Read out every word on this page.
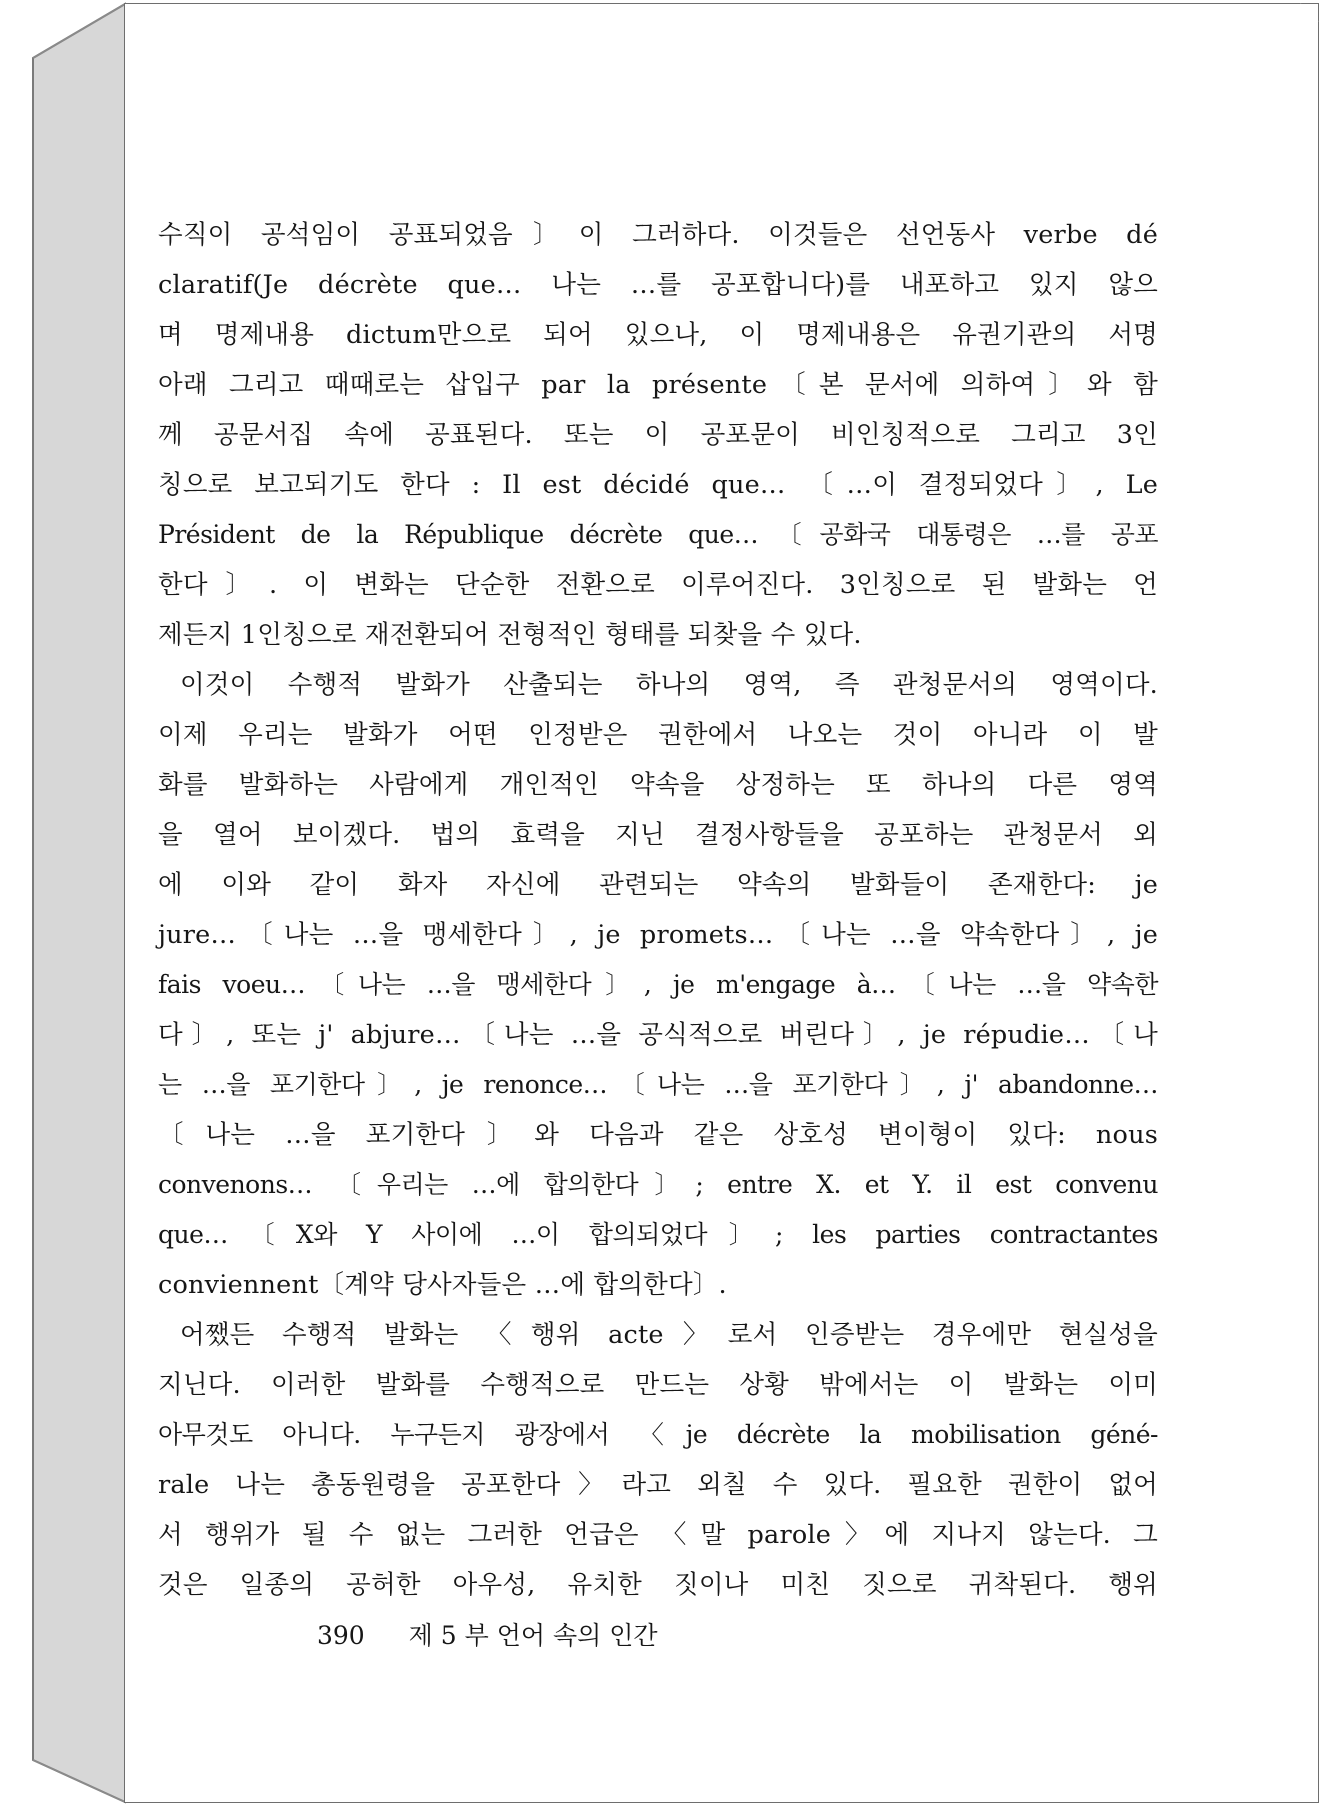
수직이 공석임이 공표되었음〕이 그러하다. 이것들은 선언동사 verbe dé
claratif(Je décrète que… 나는 …를 공포합니다)를 내포하고 있지 않으
며 명제내용 dictum만으로 되어 있으나, 이 명제내용은 유권기관의 서명
아래 그리고 때때로는 삽입구 par la présente〔본 문서에 의하여〕와 함
께 공문서집 속에 공표된다. 또는 이 공포문이 비인칭적으로 그리고 3인
칭으로 보고되기도 한다 : Il est décidé que… 〔…이 결정되었다〕, Le
Président de la République décrète que…〔공화국 대통령은 …를 공포
한다〕. 이 변화는 단순한 전환으로 이루어진다. 3인칭으로 된 발화는 언
제든지 1인칭으로 재전환되어 전형적인 형태를 되찾을 수 있다.
이것이 수행적 발화가 산출되는 하나의 영역, 즉 관청문서의 영역이다.
이제 우리는 발화가 어떤 인정받은 권한에서 나오는 것이 아니라 이 발
화를 발화하는 사람에게 개인적인 약속을 상정하는 또 하나의 다른 영역
을 열어 보이겠다. 법의 효력을 지닌 결정사항들을 공포하는 관청문서 외
에 이와 같이 화자 자신에 관련되는 약속의 발화들이 존재한다: je
jure…〔나는 …을 맹세한다〕, je promets…〔나는 …을 약속한다〕, je
fais voeu…〔나는 …을 맹세한다〕, je m'engage à…〔나는 …을 약속한
다〕, 또는 j' abjure…〔나는 …을 공식적으로 버린다〕, je répudie…〔나
는 …을 포기한다〕, je renonce…〔나는 …을 포기한다〕, j' abandonne…
〔나는 …을 포기한다〕와 다음과 같은 상호성 변이형이 있다: nous
convenons… 〔우리는 …에 합의한다〕; entre X. et Y. il est convenu
que…〔X와 Y 사이에 …이 합의되었다〕; les parties contractantes
conviennent〔계약 당사자들은 …에 합의한다〕.
어쨌든 수행적 발화는 〈행위 acte〉로서 인증받는 경우에만 현실성을
지닌다. 이러한 발화를 수행적으로 만드는 상황 밖에서는 이 발화는 이미
아무것도 아니다. 누구든지 광장에서 〈je décrète la mobilisation géné-
rale 나는 총동원령을 공포한다〉라고 외칠 수 있다. 필요한 권한이 없어
서 행위가 될 수 없는 그러한 언급은 〈말 parole〉에 지나지 않는다. 그
것은 일종의 공허한 아우성, 유치한 짓이나 미친 짓으로 귀착된다. 행위
390 제 5 부 언어 속의 인간
